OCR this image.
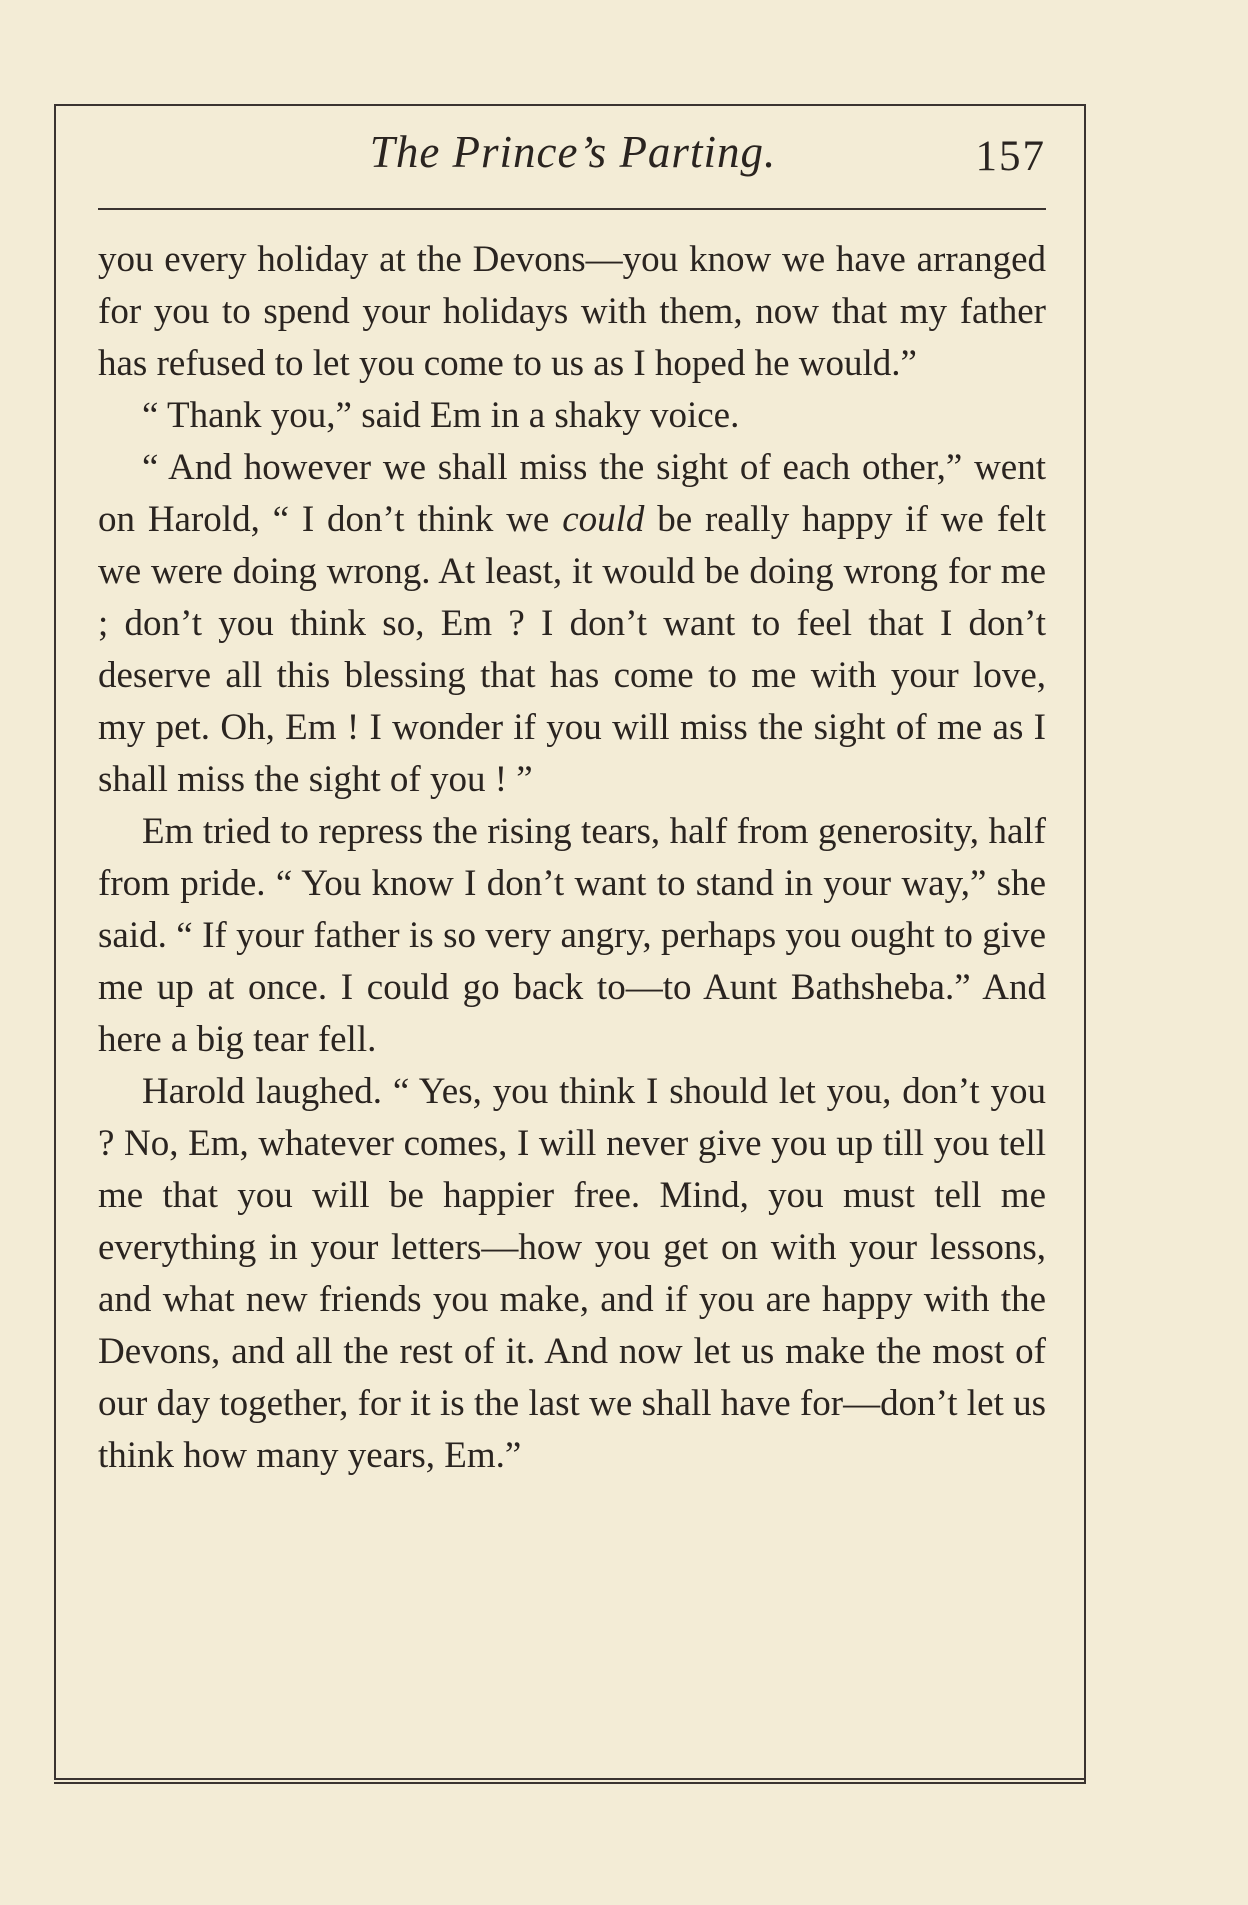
The Prince’s Parting.	157

you every holiday at the Devons—you know we have arranged for you to spend your holidays with them, now that my father has refused to let you come to us as I hoped he would.”

“ Thank you,” said Em in a shaky voice.

“ And however we shall miss the sight of each other,” went on Harold, “ I don’t think we could be really happy if we felt we were doing wrong. At least, it would be doing wrong for me ; don’t you think so, Em ? I don’t want to feel that I don’t deserve all this blessing that has come to me with your love, my pet. Oh, Em ! I wonder if you will miss the sight of me as I shall miss the sight of you ! ”

Em tried to repress the rising tears, half from generosity, half from pride. “ You know I don’t want to stand in your way,” she said. “ If your father is so very angry, perhaps you ought to give me up at once. I could go back to—to Aunt Bathsheba.” And here a big tear fell.

Harold laughed. “ Yes, you think I should let you, don’t you ? No, Em, whatever comes, I will never give you up till you tell me that you will be happier free. Mind, you must tell me everything in your letters—how you get on with your lessons, and what new friends you make, and if you are happy with the Devons, and all the rest of it. And now let us make the most of our day together, for it is the last we shall have for—don’t let us think how many years, Em.”
